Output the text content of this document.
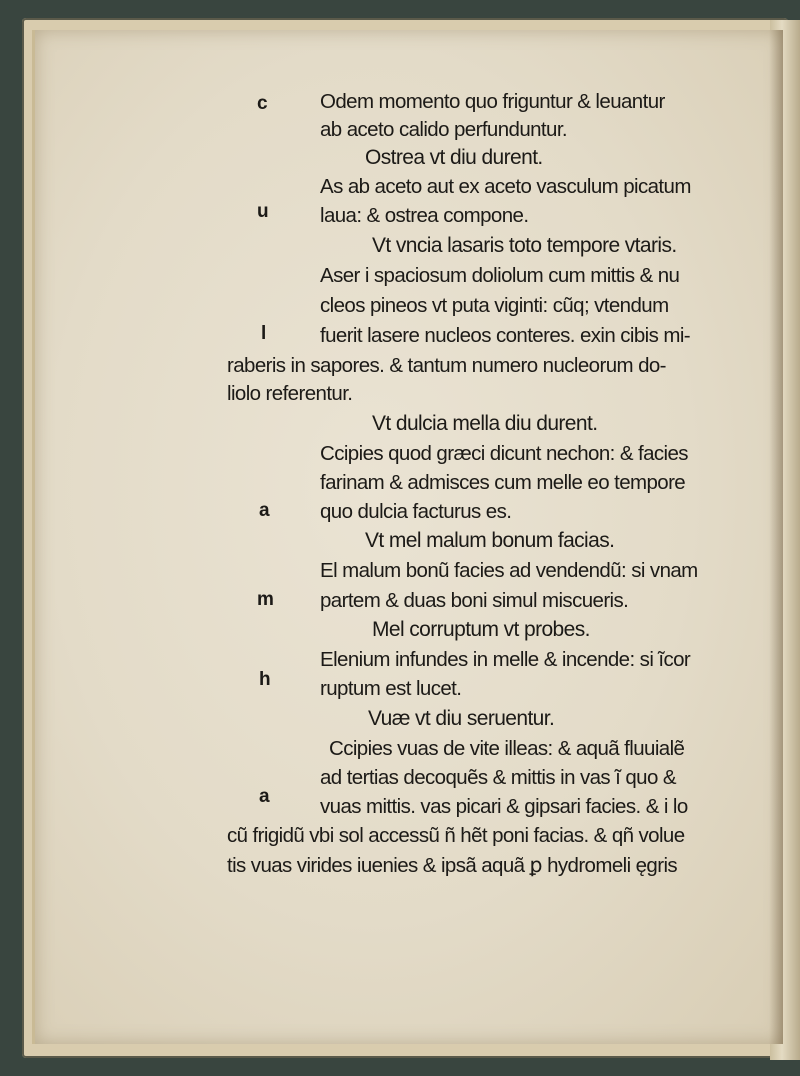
c
u
l
a
m
h
a
Odem momento quo friguntur & leuantur
ab aceto calido perfunduntur.
Ostrea vt diu durent.
As ab aceto aut ex aceto vasculum picatum
laua: & ostrea compone.
Vt vncia lasaris toto tempore vtaris.
Aser i spaciosum doliolum cum mittis & nu
cleos pineos vt puta viginti: cũq; vtendum
fuerit lasere nucleos conteres. exin cibis mi-
raberis in sapores. & tantum numero nucleorum do-
liolo referentur.
Vt dulcia mella diu durent.
Ccipies quod græci dicunt nechon: & facies
farinam & admisces cum melle eo tempore
quo dulcia facturus es.
Vt mel malum bonum facias.
El malum bonũ facies ad vendendũ: si vnam
partem & duas boni simul miscueris.
Mel corruptum vt probes.
Elenium infundes in melle & incende: si ĩcor
ruptum est lucet.
Vuæ vt diu seruentur.
Ccipies vuas de vite illeas: & aquã fluuialẽ
ad tertias decoquẽs & mittis in vas ĩ quo &
vuas mittis. vas picari & gipsari facies. & i lo
cũ frigidũ vbi sol accessũ ñ hẽt poni facias. & qñ volue
tis vuas virides iuenies & ipsã aquã ꝑ hydromeli ęgris
